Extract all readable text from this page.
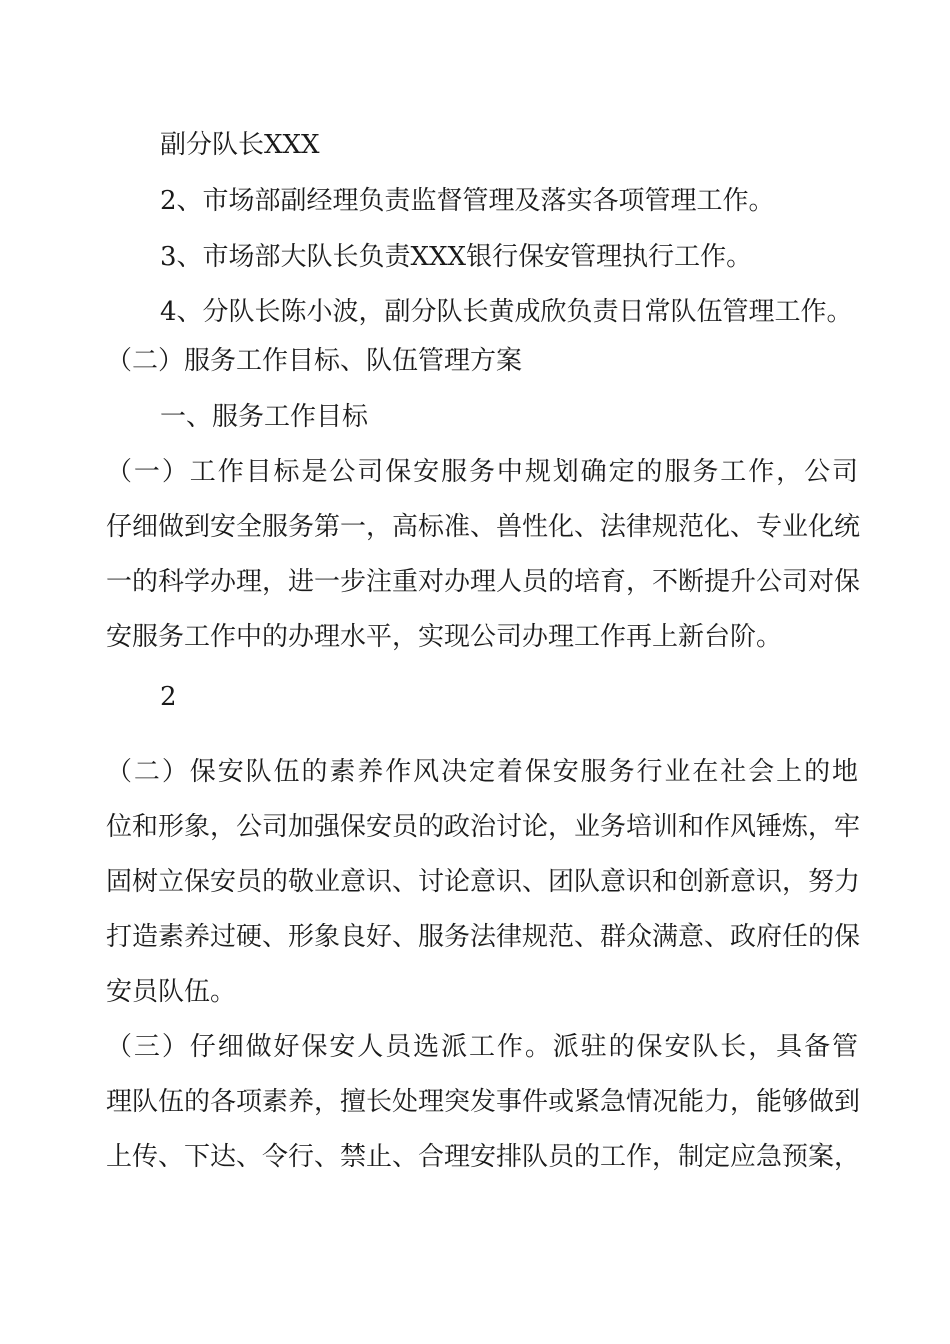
副分队长XXX

2、市场部副经理负责监督管理及落实各项管理工作。

3、市场部大队长负责XXX银行保安管理执行工作。

4、分队长陈小波，副分队长黄成欣负责日常队伍管理工作。

（二）服务工作目标、队伍管理方案

一、服务工作目标

（一）工作目标是公司保安服务中规划确定的服务工作，公司

仔细做到安全服务第一，高标准、兽性化、法律规范化、专业化统

一的科学办理，进一步注重对办理人员的培育，不断提升公司对保

安服务工作中的办理水平，实现公司办理工作再上新台阶。

2

（二）保安队伍的素养作风决定着保安服务行业在社会上的地

位和形象，公司加强保安员的政治讨论，业务培训和作风锤炼，牢

固树立保安员的敬业意识、讨论意识、团队意识和创新意识，努力

打造素养过硬、形象良好、服务法律规范、群众满意、政府任的保

安员队伍。

（三）仔细做好保安人员选派工作。派驻的保安队长，具备管

理队伍的各项素养，擅长处理突发事件或紧急情况能力，能够做到

上传、下达、令行、禁止、合理安排队员的工作，制定应急预案，
